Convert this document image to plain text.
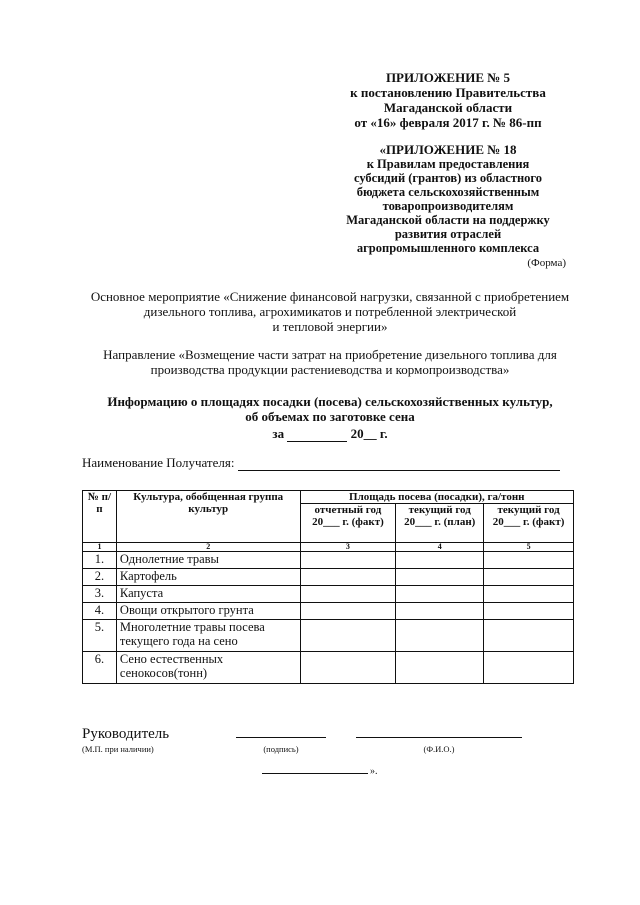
ПРИЛОЖЕНИЕ № 5
к постановлению Правительства
Магаданской области
от «16» февраля 2017 г. № 86-пп
«ПРИЛОЖЕНИЕ № 18
к Правилам предоставления
субсидий (грантов) из областного
бюджета сельскохозяйственным
товаропроизводителям
Магаданской области на поддержку
развития отраслей
агропромышленного комплекса
(Форма)
Основное мероприятие «Снижение финансовой нагрузки, связанной с приобретением
дизельного топлива, агрохимикатов и потребленной электрической
и тепловой энергии»
Направление «Возмещение части затрат на приобретение дизельного топлива для
производства продукции растениеводства и кормопроизводства»
Информацию о площадях посадки (посева) сельскохозяйственных культур,
об объемах по заготовке сена
за	20__ г.
Наименование Получателя:
№ п/п	Культура, обобщенная группа культур	Площадь посева (посадки), га/тонн		
		отчетный год 20___ г. (факт)	текущий год 20___ г. (план)	текущий год 20___ г. (факт)
1	2	3	4	5
1.	Однолетние травы			
2.	Картофель			
3.	Капуста			
4.	Овощи открытого грунта			
5.	Многолетние травы посева текущего года на сено			
6.	Сено естественных сенокосов(тонн)			
Руководитель
(М.П. при наличии)	(подпись)	(Ф.И.О.)
».
